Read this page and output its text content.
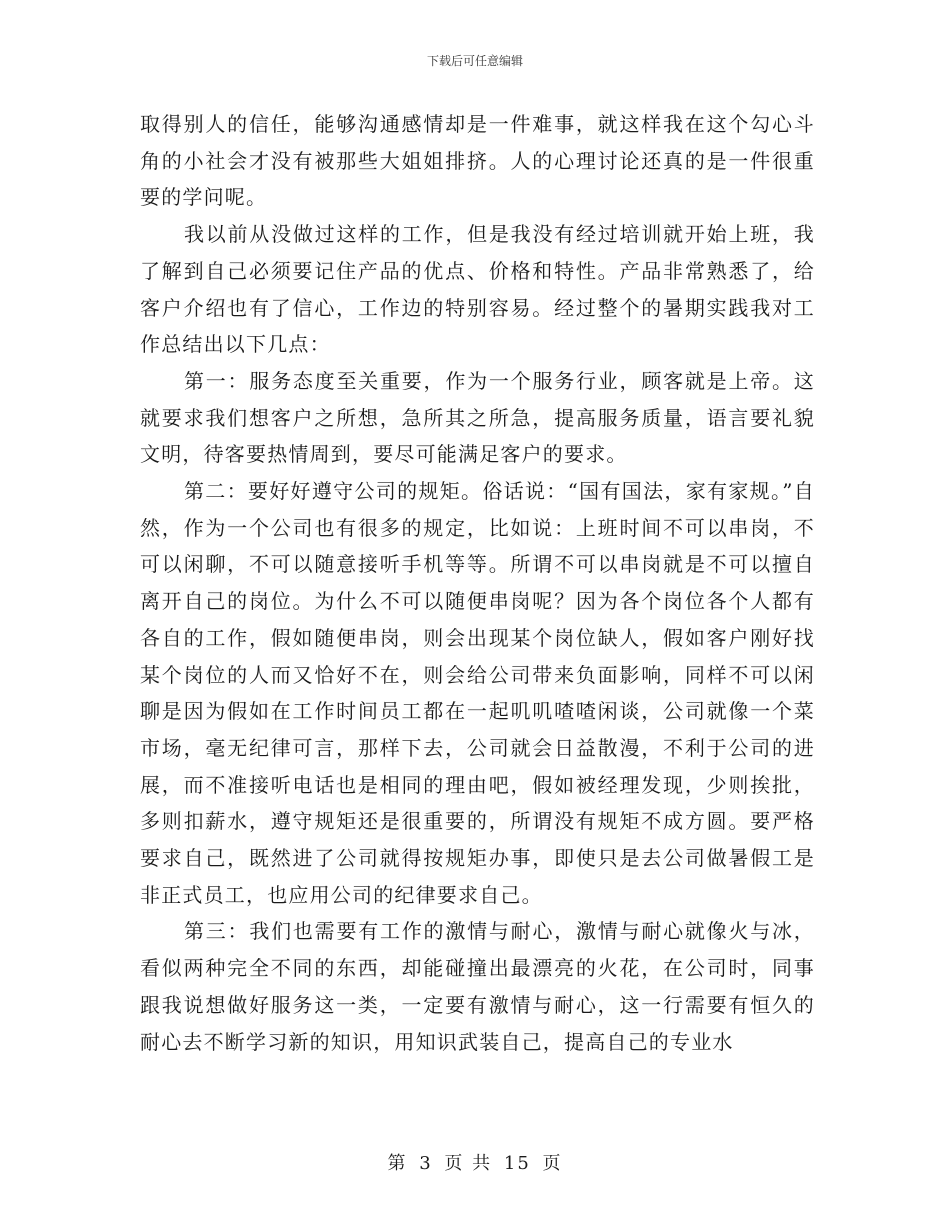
下载后可任意编辑

取得别人的信任，能够沟通感情却是一件难事，就这样我在这个勾心斗角的小社会才没有被那些大姐姐排挤。人的心理讨论还真的是一件很重要的学问呢。

我以前从没做过这样的工作，但是我没有经过培训就开始上班，我了解到自己必须要记住产品的优点、价格和特性。产品非常熟悉了，给客户介绍也有了信心，工作边的特别容易。经过整个的暑期实践我对工作总结出以下几点：

第一：服务态度至关重要，作为一个服务行业，顾客就是上帝。这就要求我们想客户之所想，急所其之所急，提高服务质量，语言要礼貌文明，待客要热情周到，要尽可能满足客户的要求。

第二：要好好遵守公司的规矩。俗话说：“国有国法，家有家规。”自然，作为一个公司也有很多的规定，比如说：上班时间不可以串岗，不可以闲聊，不可以随意接听手机等等。所谓不可以串岗就是不可以擅自离开自己的岗位。为什么不可以随便串岗呢？因为各个岗位各个人都有各自的工作，假如随便串岗，则会出现某个岗位缺人，假如客户刚好找某个岗位的人而又恰好不在，则会给公司带来负面影响，同样不可以闲聊是因为假如在工作时间员工都在一起叽叽喳喳闲谈，公司就像一个菜市场，毫无纪律可言，那样下去，公司就会日益散漫，不利于公司的进展，而不准接听电话也是相同的理由吧，假如被经理发现，少则挨批，多则扣薪水，遵守规矩还是很重要的，所谓没有规矩不成方圆。要严格要求自己，既然进了公司就得按规矩办事，即使只是去公司做暑假工是非正式员工，也应用公司的纪律要求自己。

第三：我们也需要有工作的激情与耐心，激情与耐心就像火与冰，看似两种完全不同的东西，却能碰撞出最漂亮的火花，在公司时，同事跟我说想做好服务这一类，一定要有激情与耐心，这一行需要有恒久的耐心去不断学习新的知识，用知识武装自己，提高自己的专业水

第 3 页 共 15 页
